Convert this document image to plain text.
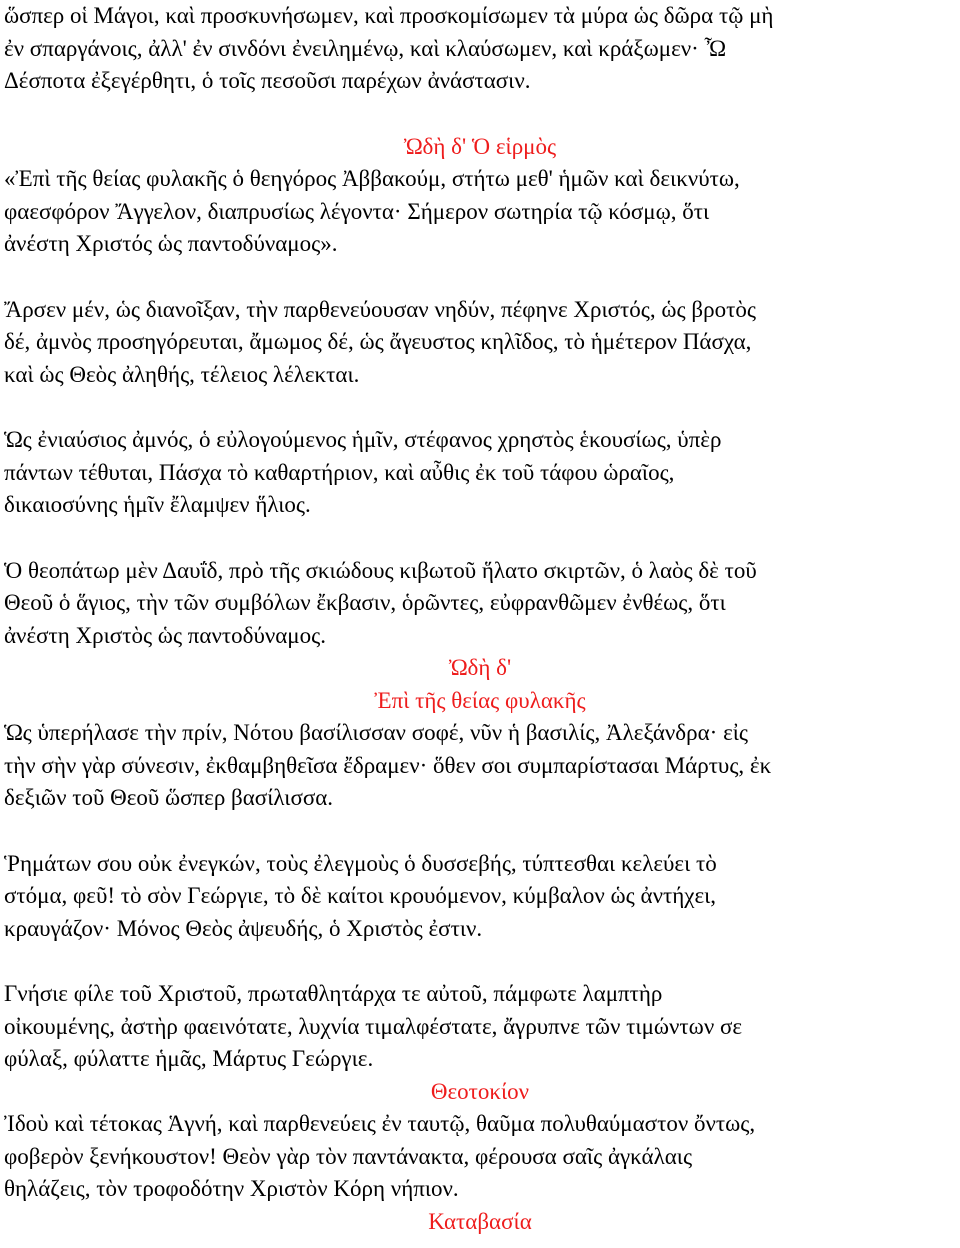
ὥσπερ οἱ Μάγοι, καὶ προσκυνήσωμεν, καὶ προσκομίσωμεν τὰ μύρα ὡς δῶρα τῷ μὴ
ἐν σπαργάνοις, ἀλλ' ἐν σινδόνι ἐνειλημένῳ, καὶ κλαύσωμεν, καὶ κράξωμεν· Ὦ
Δέσποτα ἐξεγέρθητι, ὁ τοῖς πεσοῦσι παρέχων ἀνάστασιν.
Ὠδὴ δ' Ὁ εἱρμὸς
«Ἐπὶ τῆς θείας φυλακῆς ὁ θεηγόρος Ἀββακούμ, στήτω μεθ' ἡμῶν καὶ δεικνύτω,
φαεσφόρον Ἄγγελον, διαπρυσίως λέγοντα· Σήμερον σωτηρία τῷ κόσμῳ, ὅτι
ἀνέστη Χριστός ὡς παντοδύναμος».
Ἄρσεν μέν, ὡς διανοῖξαν, τὴν παρθενεύουσαν νηδύν, πέφηνε Χριστός, ὡς βροτὸς
δέ, ἀμνὸς προσηγόρευται, ἄμωμος δέ, ὡς ἄγευστος κηλῖδος, τὸ ἡμέτερον Πάσχα,
καὶ ὡς Θεὸς ἀληθής, τέλειος λέλεκται.
Ὡς ἐνιαύσιος ἀμνός, ὁ εὐλογούμενος ἡμῖν, στέφανος χρηστὸς ἑκουσίως, ὑπὲρ
πάντων τέθυται, Πάσχα τὸ καθαρτήριον, καὶ αὖθις ἐκ τοῦ τάφου ὡραῖος,
δικαιοσύνης ἡμῖν ἔλαμψεν ἥλιος.
Ὁ θεοπάτωρ μὲν Δαυΐδ, πρὸ τῆς σκιώδους κιβωτοῦ ἥλατο σκιρτῶν, ὁ λαὸς δὲ τοῦ
Θεοῦ ὁ ἅγιος, τὴν τῶν συμβόλων ἔκβασιν, ὁρῶντες, εὐφρανθῶμεν ἐνθέως, ὅτι
ἀνέστη Χριστὸς ὡς παντοδύναμος.
Ὠδὴ δ'
Ἐπὶ τῆς θείας φυλακῆς
Ὡς ὑπερήλασε τὴν πρίν, Νότου βασίλισσαν σοφέ, νῦν ἡ βασιλίς, Ἀλεξάνδρα· εἰς
τὴν σὴν γὰρ σύνεσιν, ἐκθαμβηθεῖσα ἔδραμεν· ὅθεν σοι συμπαρίστασαι Μάρτυς, ἐκ
δεξιῶν τοῦ Θεοῦ ὥσπερ βασίλισσα.
Ῥημάτων σου οὐκ ἐνεγκών, τοὺς ἐλεγμοὺς ὁ δυσσεβής, τύπτεσθαι κελεύει τὸ
στόμα, φεῦ! τὸ σὸν Γεώργιε, τὸ δὲ καίτοι κρουόμενον, κύμβαλον ὡς ἀντήχει,
κραυγάζον· Μόνος Θεὸς ἀψευδής, ὁ Χριστὸς ἐστιν.
Γνήσιε φίλε τοῦ Χριστοῦ, πρωταθλητάρχα τε αὐτοῦ, πάμφωτε λαμπτὴρ
οἰκουμένης, ἀστὴρ φαεινότατε, λυχνία τιμαλφέστατε, ἄγρυπνε τῶν τιμώντων σε
φύλαξ, φύλαττε ἡμᾶς, Μάρτυς Γεώργιε.
Θεοτοκίον
Ἰδοὺ καὶ τέτοκας Ἁγνή, καὶ παρθενεύεις ἐν ταυτῷ, θαῦμα πολυθαύμαστον ὄντως,
φοβερὸν ξενήκουστον! Θεὸν γὰρ τὸν παντάνακτα, φέρουσα σαῖς ἀγκάλαις
θηλάζεις, τὸν τροφοδότην Χριστὸν Κόρη νήπιον.
Καταβασία
